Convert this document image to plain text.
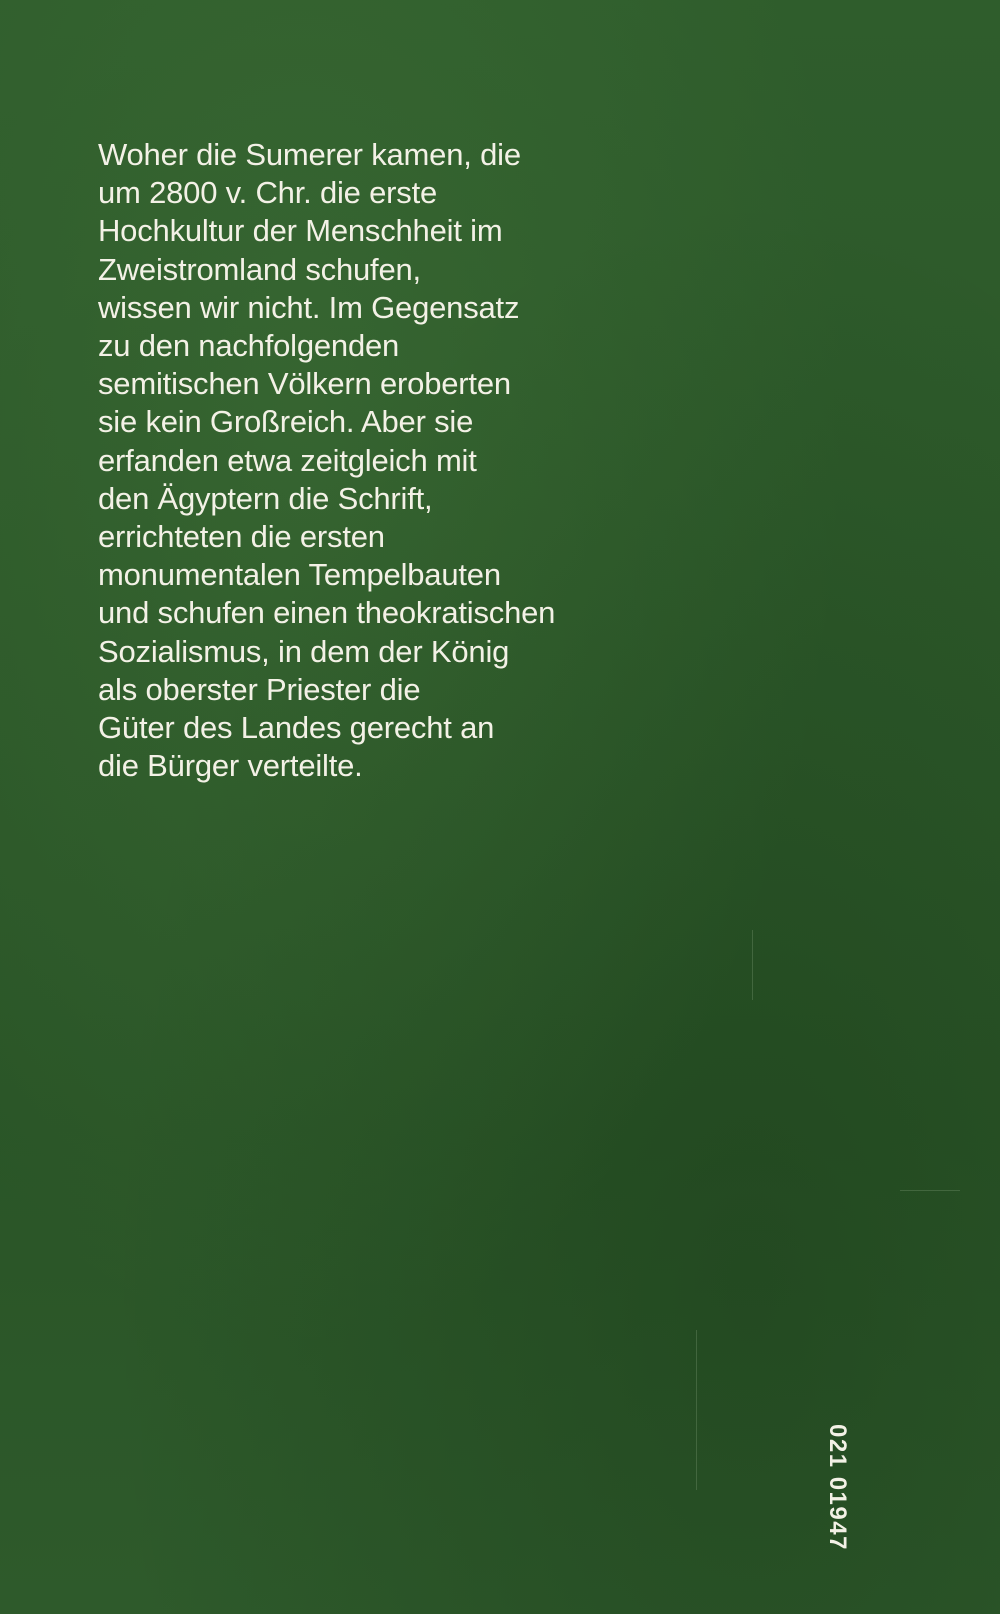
Woher die Sumerer kamen, die
um 2800 v. Chr. die erste
Hochkultur der Menschheit im
Zweistromland schufen,
wissen wir nicht. Im Gegensatz
zu den nachfolgenden
semitischen Völkern eroberten
sie kein Großreich. Aber sie
erfanden etwa zeitgleich mit
den Ägyptern die Schrift,
errichteten die ersten
monumentalen Tempelbauten
und schufen einen theokratischen
Sozialismus, in dem der König
als oberster Priester die
Güter des Landes gerecht an
die Bürger verteilte.
021 01947
